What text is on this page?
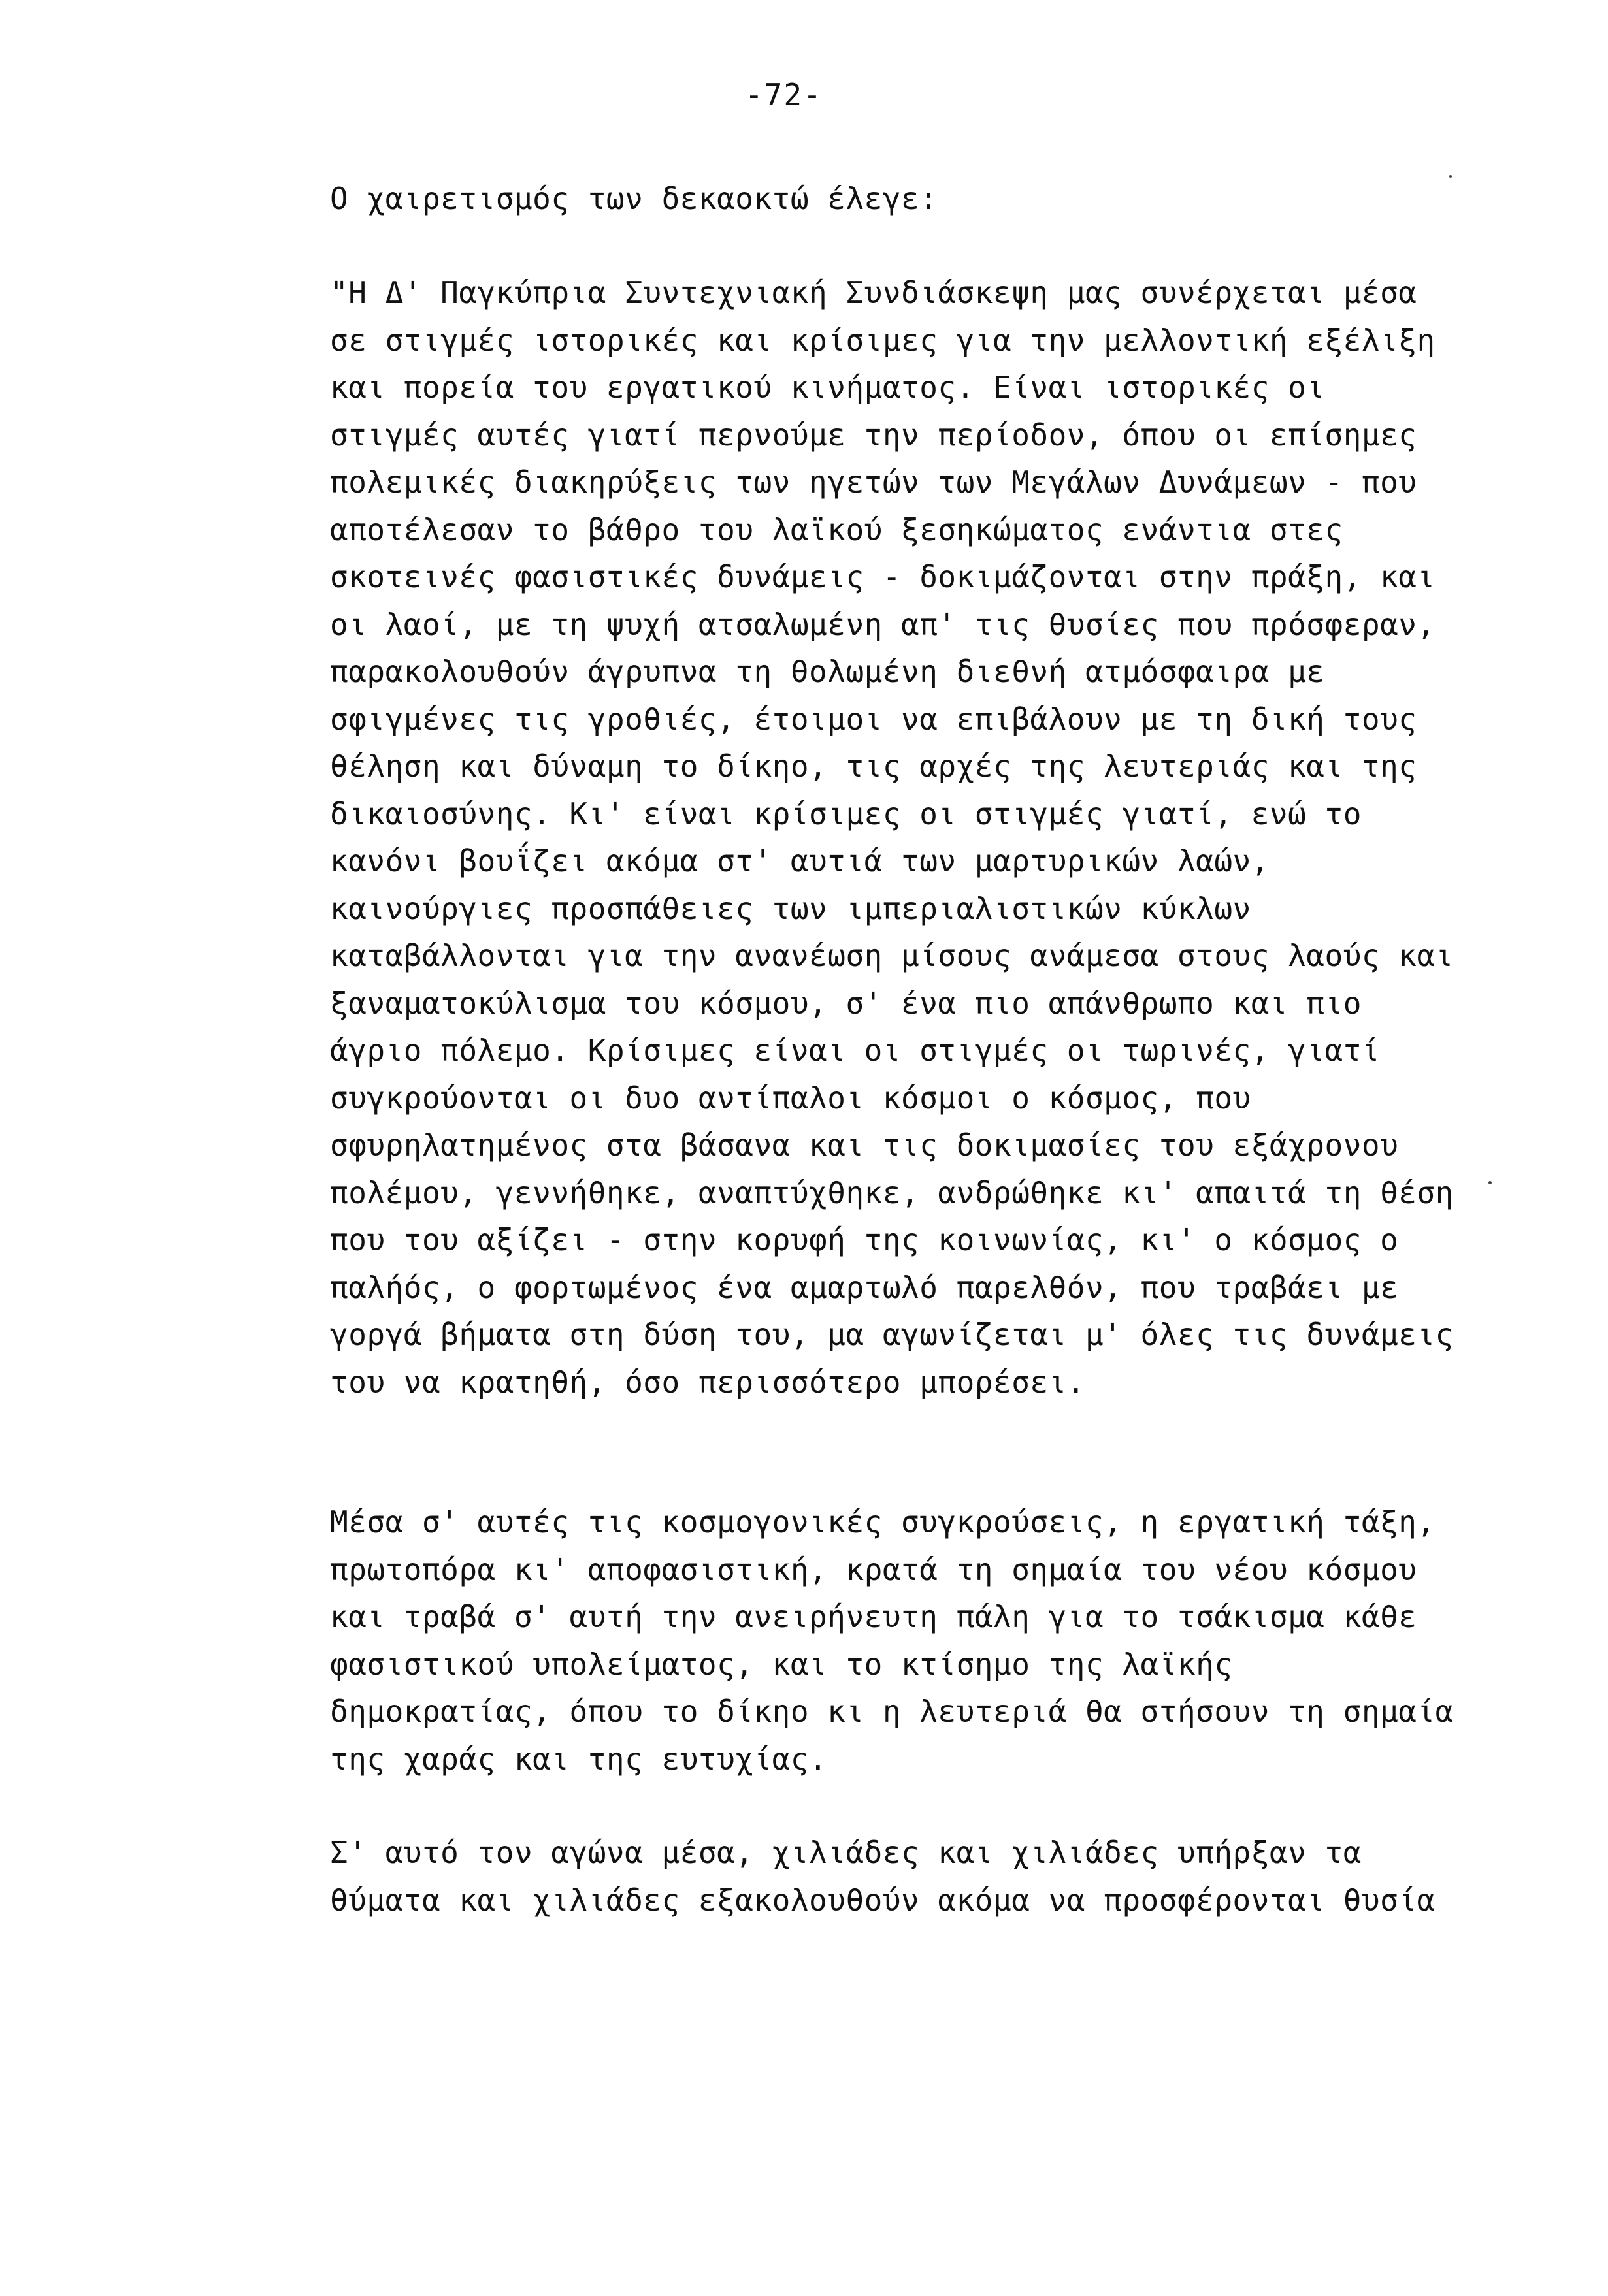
-72-
Ο χαιρετισμός των δεκαοκτώ έλεγε:
"Η Δ' Παγκύπρια Συντεχνιακή Συνδιάσκεψη μας συνέρχεται μέσα
σε στιγμές ιστορικές και κρίσιμες για την μελλοντική εξέλιξη
και πορεία του εργατικού κινήματος. Είναι ιστορικές οι
στιγμές αυτές γιατί περνούμε την περίοδον, όπου οι επίσημες
πολεμικές διακηρύξεις των ηγετών των Μεγάλων Δυνάμεων - που
αποτέλεσαν το βάθρο του λαϊκού ξεσηκώματος ενάντια στες
σκοτεινές φασιστικές δυνάμεις - δοκιμάζονται στην πράξη, και
οι λαοί, με τη ψυχή ατσαλωμένη απ' τις θυσίες που πρόσφεραν,
παρακολουθούν άγρυπνα τη θολωμένη διεθνή ατμόσφαιρα με
σφιγμένες τις γροθιές, έτοιμοι να επιβάλουν με τη δική τους
θέληση και δύναμη το δίκηο, τις αρχές της λευτεριάς και της
δικαιοσύνης. Κι' είναι κρίσιμες οι στιγμές γιατί, ενώ το
κανόνι βουΐζει ακόμα στ' αυτιά των μαρτυρικών λαών,
καινούργιες προσπάθειες των ιμπεριαλιστικών κύκλων
καταβάλλονται για την ανανέωση μίσους ανάμεσα στους λαούς και
ξαναματοκύλισμα του κόσμου, σ' ένα πιο απάνθρωπο και πιο
άγριο πόλεμο. Κρίσιμες είναι οι στιγμές οι τωρινές, γιατί
συγκρούονται οι δυο αντίπαλοι κόσμοι ο κόσμος, που
σφυρηλατημένος στα βάσανα και τις δοκιμασίες του εξάχρονου
πολέμου, γεννήθηκε, αναπτύχθηκε, ανδρώθηκε κι' απαιτά τη θέση
που του αξίζει - στην κορυφή της κοινωνίας, κι' ο κόσμος ο
παλήός, ο φορτωμένος ένα αμαρτωλό παρελθόν, που τραβάει με
γοργά βήματα στη δύση του, μα αγωνίζεται μ' όλες τις δυνάμεις
του να κρατηθή, όσο περισσότερο μπορέσει.
Μέσα σ' αυτές τις κοσμογονικές συγκρούσεις, η εργατική τάξη,
πρωτοπόρα κι' αποφασιστική, κρατά τη σημαία του νέου κόσμου
και τραβά σ' αυτή την ανειρήνευτη πάλη για το τσάκισμα κάθε
φασιστικού υπολείματος, και το κτίσημο της λαϊκής
δημοκρατίας, όπου το δίκηο κι η λευτεριά θα στήσουν τη σημαία
της χαράς και της ευτυχίας.
Σ' αυτό τον αγώνα μέσα, χιλιάδες και χιλιάδες υπήρξαν τα
θύματα και χιλιάδες εξακολουθούν ακόμα να προσφέρονται θυσία
